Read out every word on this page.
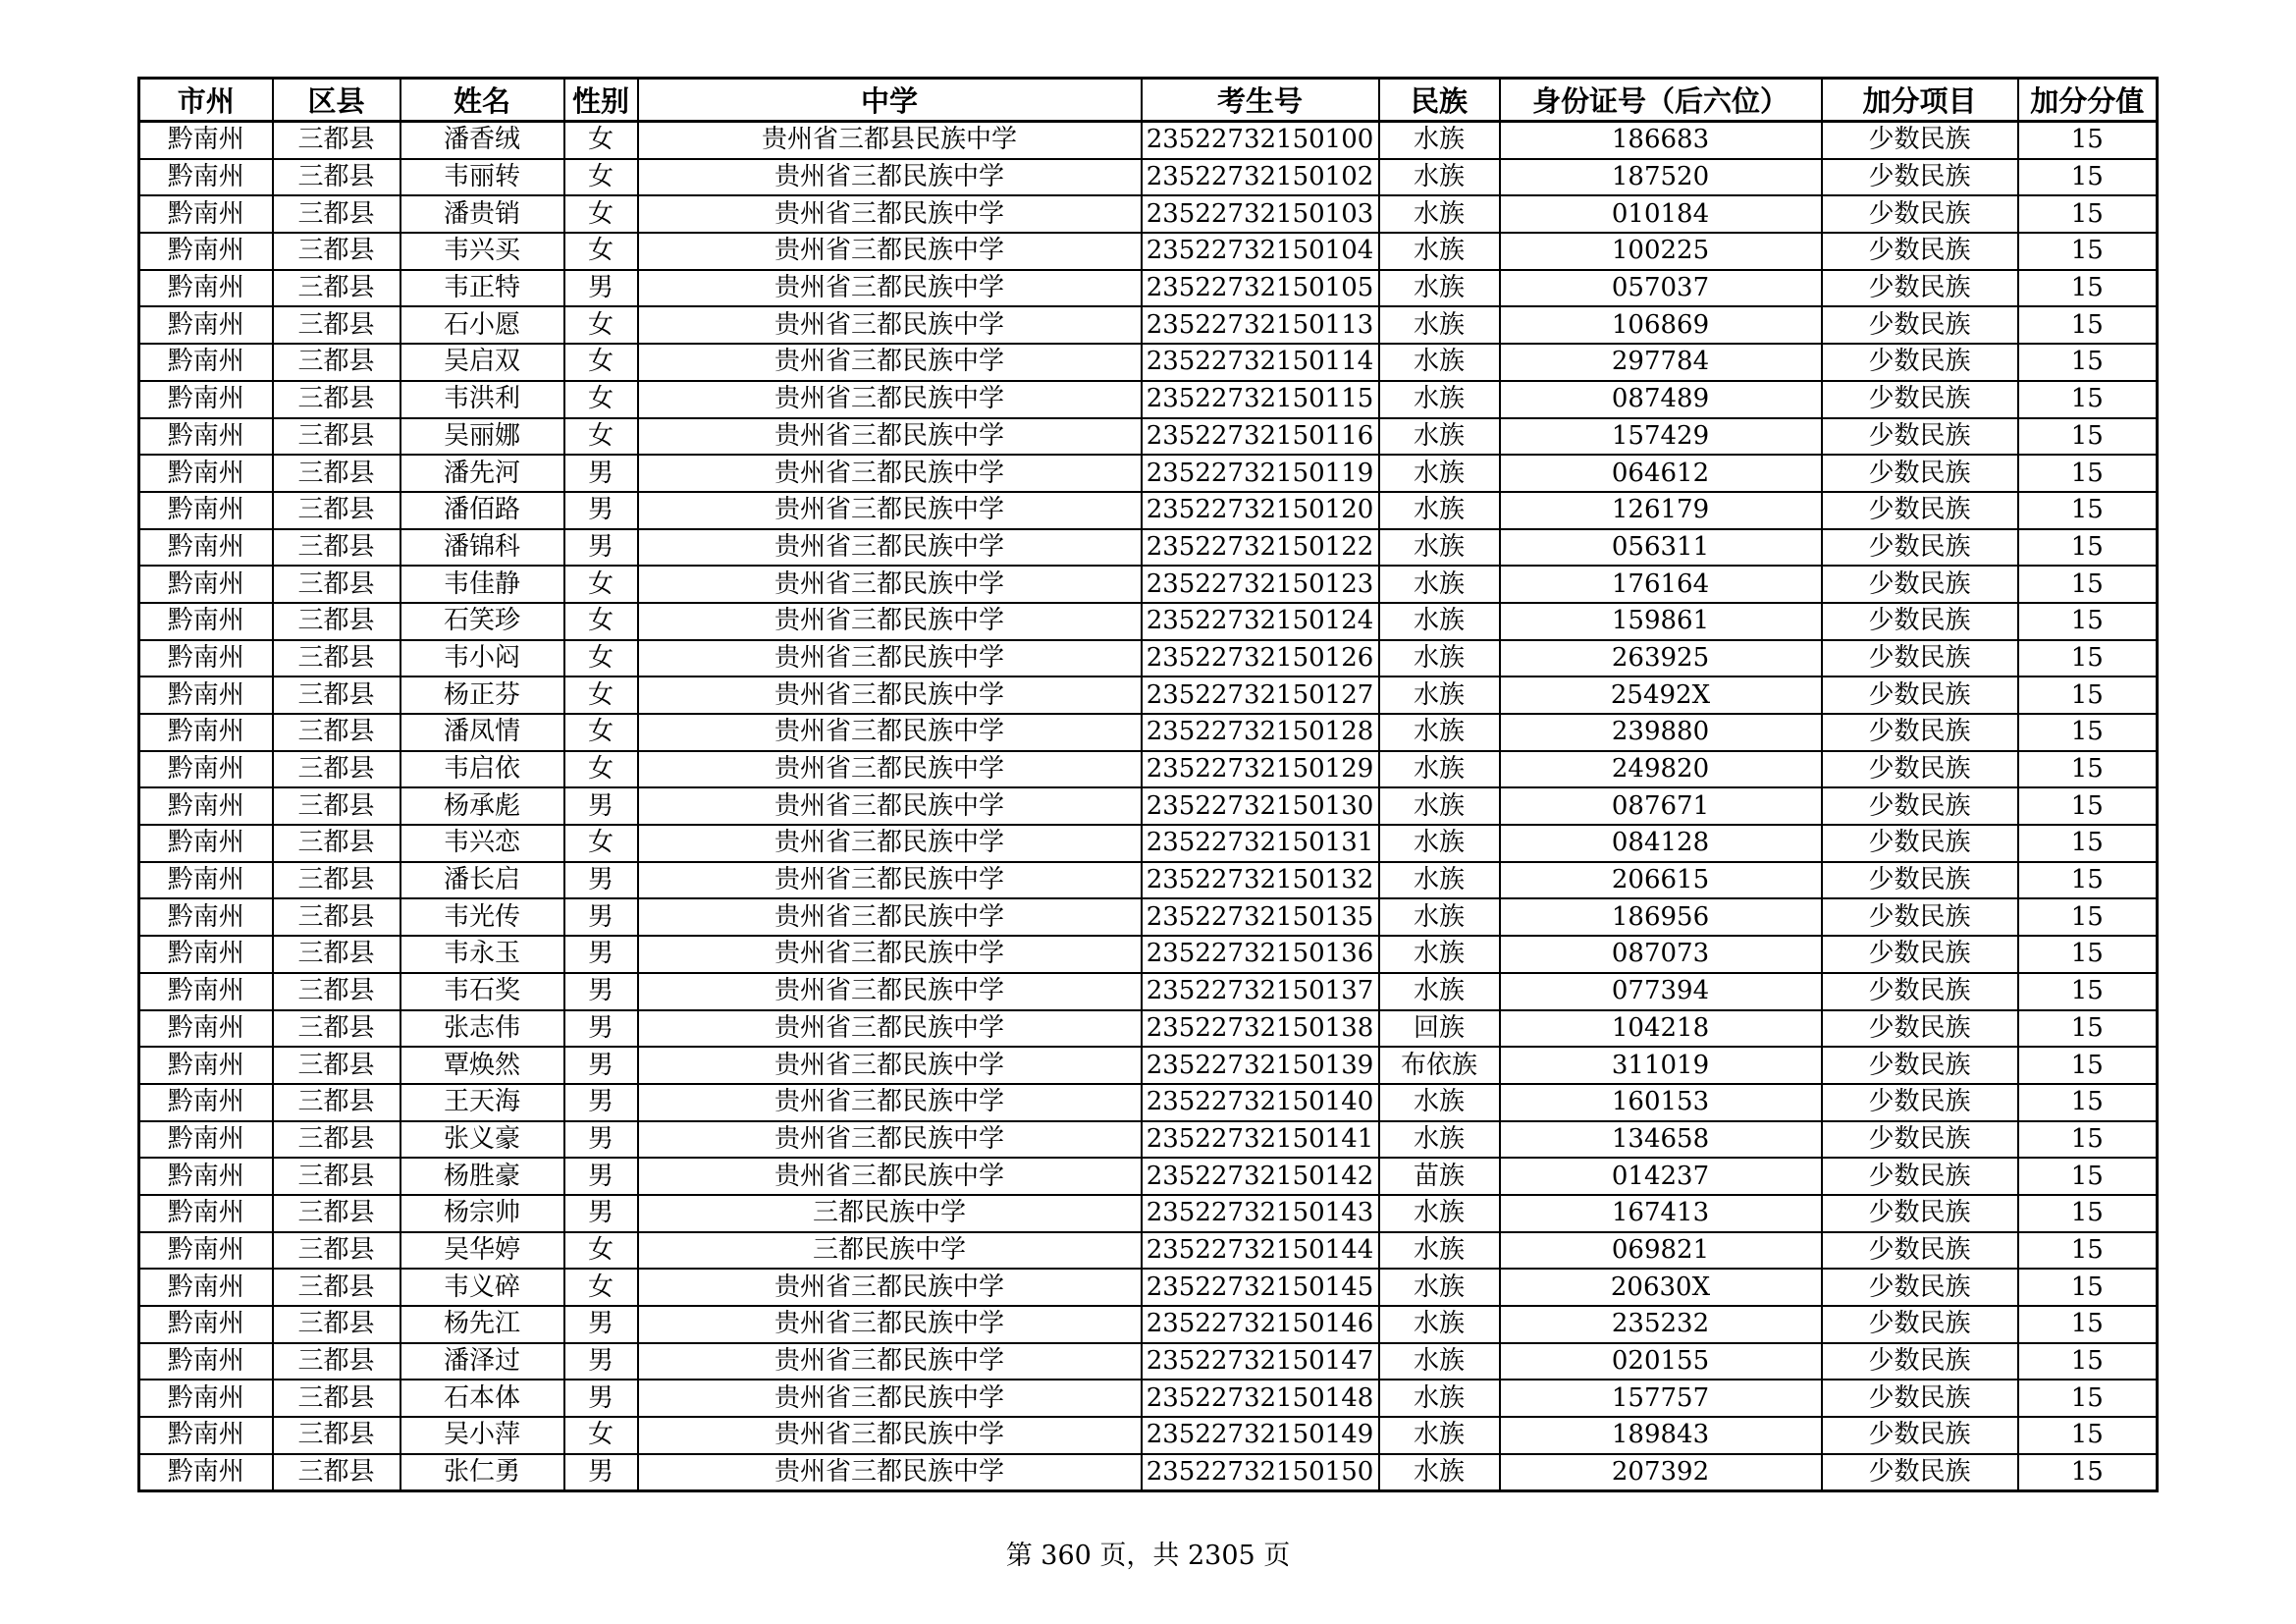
市州	区县	姓名	性别	中学	考生号	民族	身份证号（后六位）	加分项目	加分分值
黔南州	三都县	潘香绒	女	贵州省三都县民族中学	23522732150100	水族	186683	少数民族	15
黔南州	三都县	韦丽转	女	贵州省三都民族中学	23522732150102	水族	187520	少数民族	15
黔南州	三都县	潘贵销	女	贵州省三都民族中学	23522732150103	水族	010184	少数民族	15
黔南州	三都县	韦兴买	女	贵州省三都民族中学	23522732150104	水族	100225	少数民族	15
黔南州	三都县	韦正特	男	贵州省三都民族中学	23522732150105	水族	057037	少数民族	15
黔南州	三都县	石小愿	女	贵州省三都民族中学	23522732150113	水族	106869	少数民族	15
黔南州	三都县	吴启双	女	贵州省三都民族中学	23522732150114	水族	297784	少数民族	15
黔南州	三都县	韦洪利	女	贵州省三都民族中学	23522732150115	水族	087489	少数民族	15
黔南州	三都县	吴丽娜	女	贵州省三都民族中学	23522732150116	水族	157429	少数民族	15
黔南州	三都县	潘先河	男	贵州省三都民族中学	23522732150119	水族	064612	少数民族	15
黔南州	三都县	潘佰路	男	贵州省三都民族中学	23522732150120	水族	126179	少数民族	15
黔南州	三都县	潘锦科	男	贵州省三都民族中学	23522732150122	水族	056311	少数民族	15
黔南州	三都县	韦佳静	女	贵州省三都民族中学	23522732150123	水族	176164	少数民族	15
黔南州	三都县	石笑珍	女	贵州省三都民族中学	23522732150124	水族	159861	少数民族	15
黔南州	三都县	韦小闷	女	贵州省三都民族中学	23522732150126	水族	263925	少数民族	15
黔南州	三都县	杨正芬	女	贵州省三都民族中学	23522732150127	水族	25492X	少数民族	15
黔南州	三都县	潘凤情	女	贵州省三都民族中学	23522732150128	水族	239880	少数民族	15
黔南州	三都县	韦启依	女	贵州省三都民族中学	23522732150129	水族	249820	少数民族	15
黔南州	三都县	杨承彪	男	贵州省三都民族中学	23522732150130	水族	087671	少数民族	15
黔南州	三都县	韦兴恋	女	贵州省三都民族中学	23522732150131	水族	084128	少数民族	15
黔南州	三都县	潘长启	男	贵州省三都民族中学	23522732150132	水族	206615	少数民族	15
黔南州	三都县	韦光传	男	贵州省三都民族中学	23522732150135	水族	186956	少数民族	15
黔南州	三都县	韦永玉	男	贵州省三都民族中学	23522732150136	水族	087073	少数民族	15
黔南州	三都县	韦石奖	男	贵州省三都民族中学	23522732150137	水族	077394	少数民族	15
黔南州	三都县	张志伟	男	贵州省三都民族中学	23522732150138	回族	104218	少数民族	15
黔南州	三都县	覃焕然	男	贵州省三都民族中学	23522732150139	布依族	311019	少数民族	15
黔南州	三都县	王天海	男	贵州省三都民族中学	23522732150140	水族	160153	少数民族	15
黔南州	三都县	张义豪	男	贵州省三都民族中学	23522732150141	水族	134658	少数民族	15
黔南州	三都县	杨胜豪	男	贵州省三都民族中学	23522732150142	苗族	014237	少数民族	15
黔南州	三都县	杨宗帅	男	三都民族中学	23522732150143	水族	167413	少数民族	15
黔南州	三都县	吴华婷	女	三都民族中学	23522732150144	水族	069821	少数民族	15
黔南州	三都县	韦义碎	女	贵州省三都民族中学	23522732150145	水族	20630X	少数民族	15
黔南州	三都县	杨先江	男	贵州省三都民族中学	23522732150146	水族	235232	少数民族	15
黔南州	三都县	潘泽过	男	贵州省三都民族中学	23522732150147	水族	020155	少数民族	15
黔南州	三都县	石本体	男	贵州省三都民族中学	23522732150148	水族	157757	少数民族	15
黔南州	三都县	吴小萍	女	贵州省三都民族中学	23522732150149	水族	189843	少数民族	15
黔南州	三都县	张仁勇	男	贵州省三都民族中学	23522732150150	水族	207392	少数民族	15
第 360 页，共 2305 页
